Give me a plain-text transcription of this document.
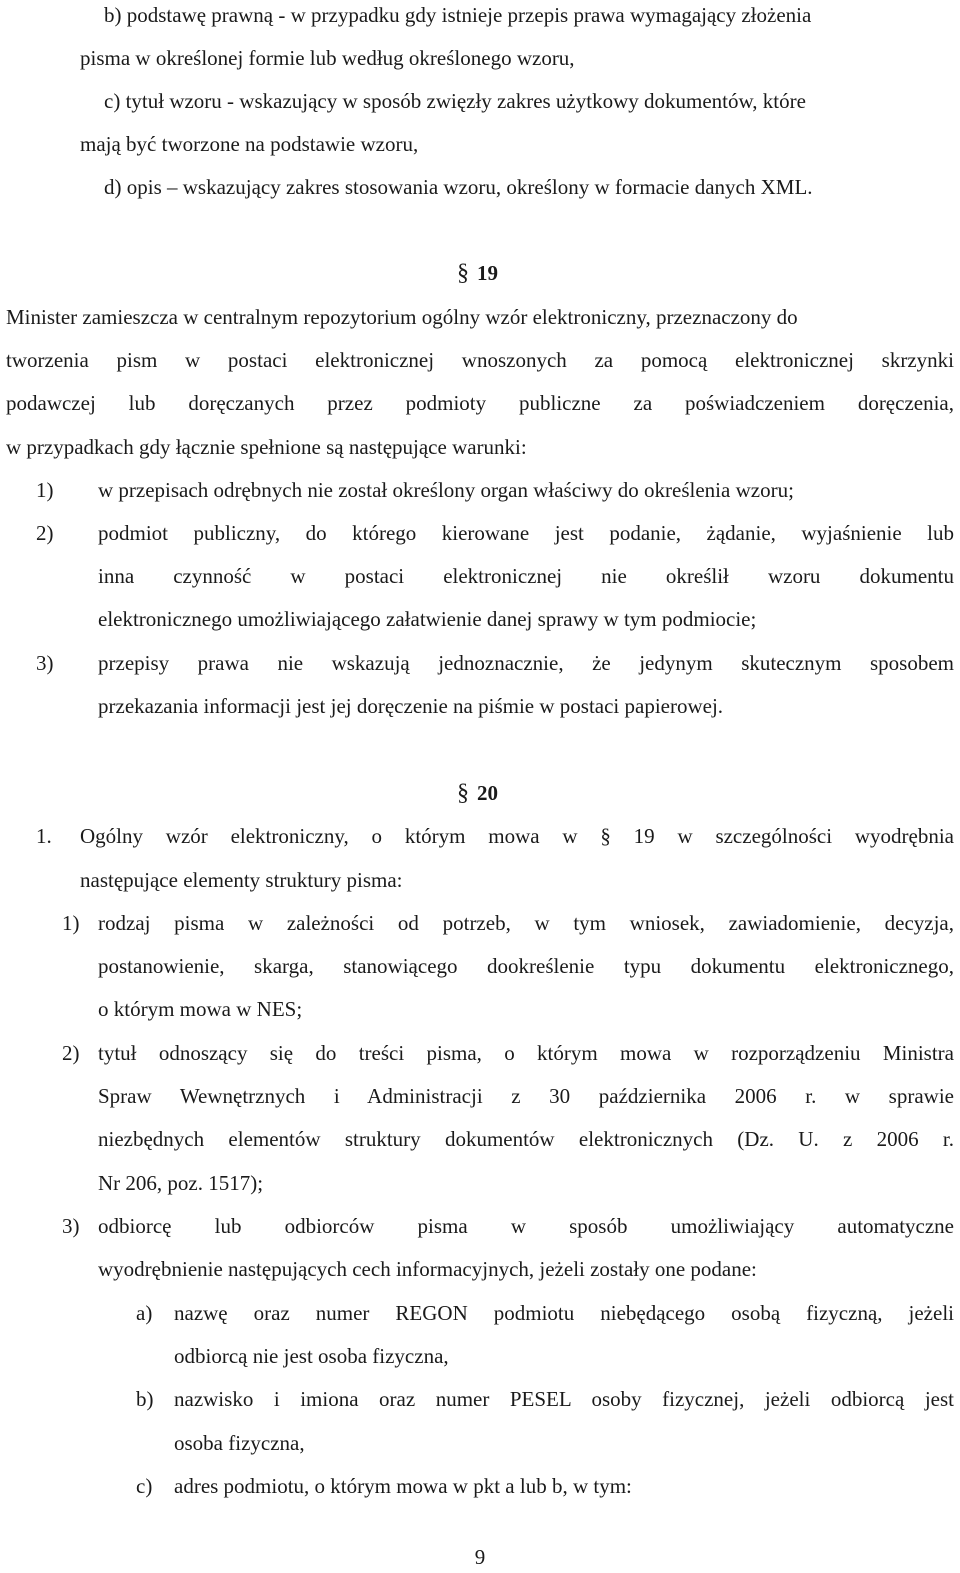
b) podstawę prawną - w przypadku gdy istnieje przepis prawa wymagający złożenia
pisma w określonej formie lub według określonego wzoru,
c) tytuł wzoru - wskazujący w sposób zwięzły zakres użytkowy dokumentów, które
mają być tworzone na podstawie wzoru,
d) opis – wskazujący zakres stosowania wzoru, określony w formacie danych XML.
§ 19
Minister zamieszcza w centralnym repozytorium ogólny wzór elektroniczny, przeznaczony do
tworzenia pism w postaci elektronicznej wnoszonych za pomocą elektronicznej skrzynki
podawczej lub doręczanych przez podmioty publiczne za poświadczeniem doręczenia,
w przypadkach gdy łącznie spełnione są następujące warunki:
1) w przepisach odrębnych nie został określony organ właściwy do określenia wzoru;
2) podmiot publiczny, do którego kierowane jest podanie, żądanie, wyjaśnienie lub
inna czynność w postaci elektronicznej nie określił wzoru dokumentu
elektronicznego umożliwiającego załatwienie danej sprawy w tym podmiocie;
3) przepisy prawa nie wskazują jednoznacznie, że jedynym skutecznym sposobem
przekazania informacji jest jej doręczenie na piśmie w postaci papierowej.
§ 20
1. Ogólny wzór elektroniczny, o którym mowa w § 19 w szczególności wyodrębnia
następujące elementy struktury pisma:
1) rodzaj pisma w zależności od potrzeb, w tym wniosek, zawiadomienie, decyzja,
postanowienie, skarga, stanowiącego dookreślenie typu dokumentu elektronicznego,
o którym mowa w NES;
2) tytuł odnoszący się do treści pisma, o którym mowa w rozporządzeniu Ministra
Spraw Wewnętrznych i Administracji z 30 października 2006 r. w sprawie
niezbędnych elementów struktury dokumentów elektronicznych (Dz. U. z 2006 r.
Nr 206, poz. 1517);
3) odbiorcę lub odbiorców pisma w sposób umożliwiający automatyczne
wyodrębnienie następujących cech informacyjnych, jeżeli zostały one podane:
a) nazwę oraz numer REGON podmiotu niebędącego osobą fizyczną, jeżeli
odbiorcą nie jest osoba fizyczna,
b) nazwisko i imiona oraz numer PESEL osoby fizycznej, jeżeli odbiorcą jest
osoba fizyczna,
c) adres podmiotu, o którym mowa w pkt a lub b, w tym:
9
